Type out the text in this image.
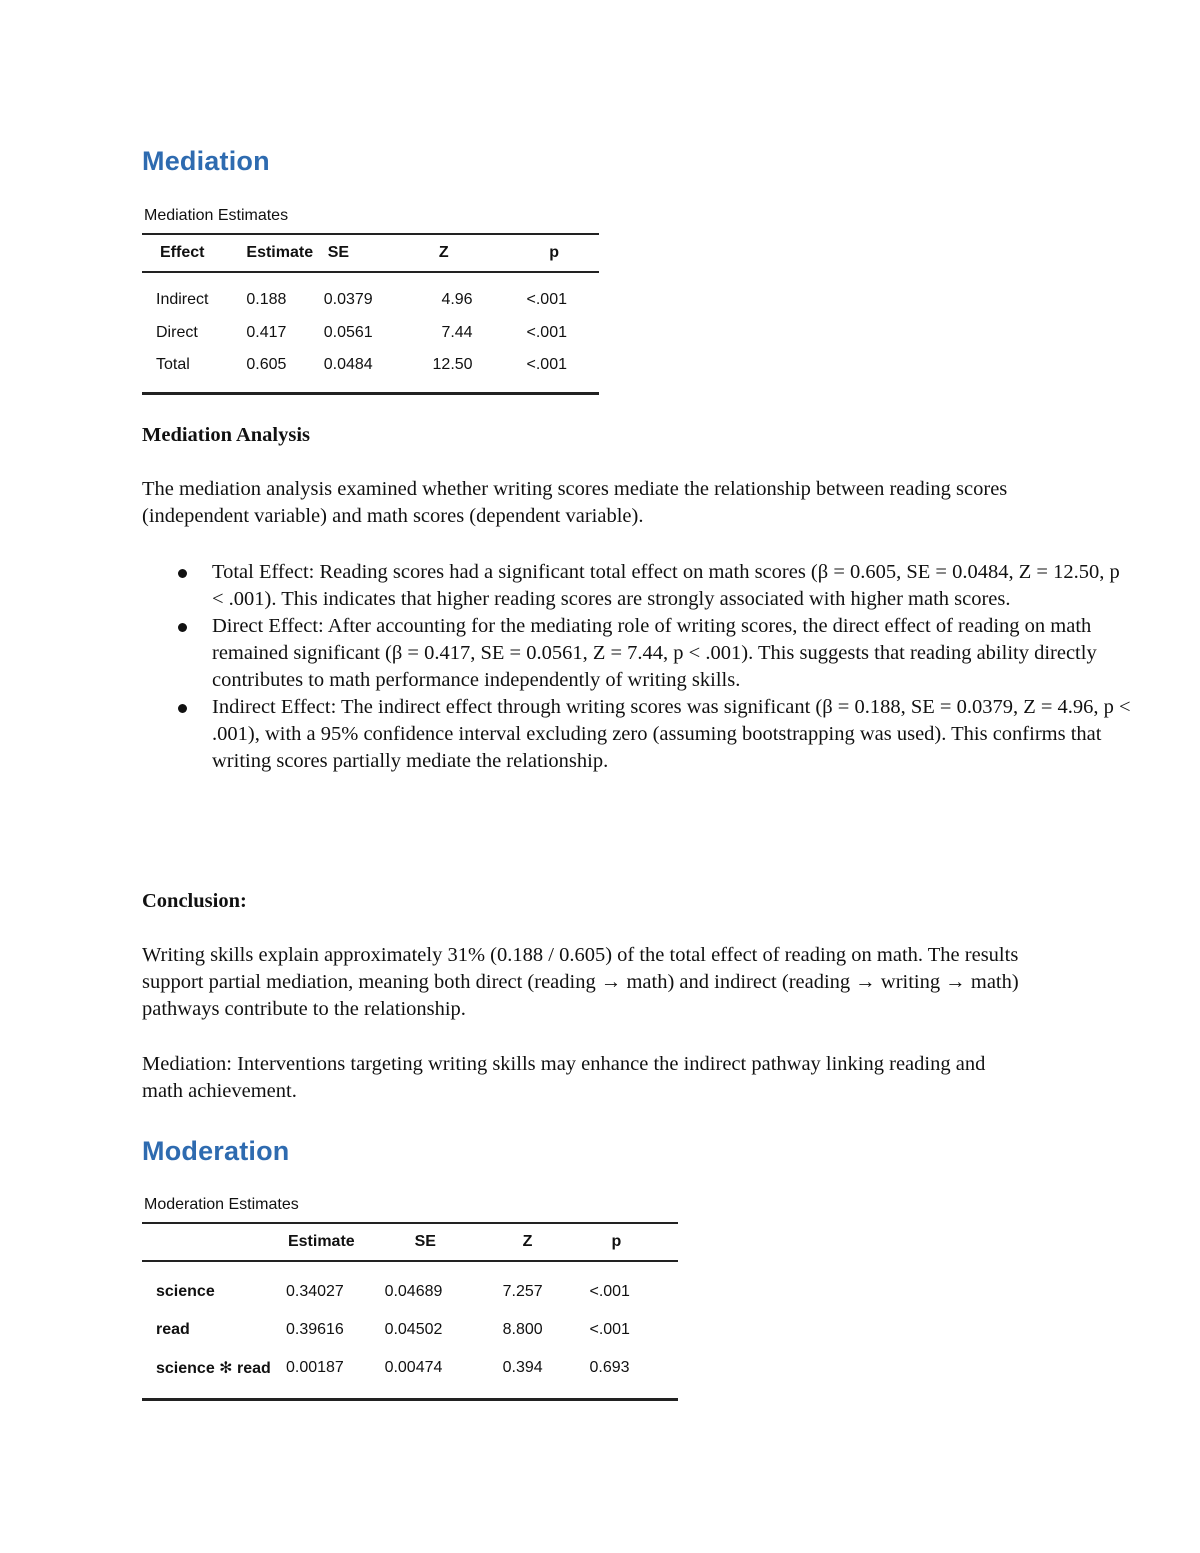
Mediation
Mediation Estimates
Effect	Estimate	SE	Z	p

Indirect	0.188	0.0379	4.96	<.001
Direct	0.417	0.0561	7.44	<.001
Total	0.605	0.0484	12.50	<.001

Mediation Analysis

The mediation analysis examined whether writing scores mediate the relationship between reading scores (independent variable) and math scores (dependent variable).

Total Effect: Reading scores had a significant total effect on math scores (β = 0.605, SE = 0.0484, Z = 12.50, p < .001). This indicates that higher reading scores are strongly associated with higher math scores.
Direct Effect: After accounting for the mediating role of writing scores, the direct effect of reading on math remained significant (β = 0.417, SE = 0.0561, Z = 7.44, p < .001). This suggests that reading ability directly contributes to math performance independently of writing skills.
Indirect Effect: The indirect effect through writing scores was significant (β = 0.188, SE = 0.0379, Z = 4.96, p < .001), with a 95% confidence interval excluding zero (assuming bootstrapping was used). This confirms that writing scores partially mediate the relationship.
Conclusion:

Writing skills explain approximately 31% (0.188 / 0.605) of the total effect of reading on math. The results support partial mediation, meaning both direct (reading → math) and indirect (reading → writing → math) pathways contribute to the relationship.

Mediation: Interventions targeting writing skills may enhance the indirect pathway linking reading and math achievement.

Moderation
Moderation Estimates
	Estimate	SE	Z	p

science	0.34027	0.04689	7.257	<.001
read	0.39616	0.04502	8.800	<.001
science ✻ read	0.00187	0.00474	0.394	0.693
